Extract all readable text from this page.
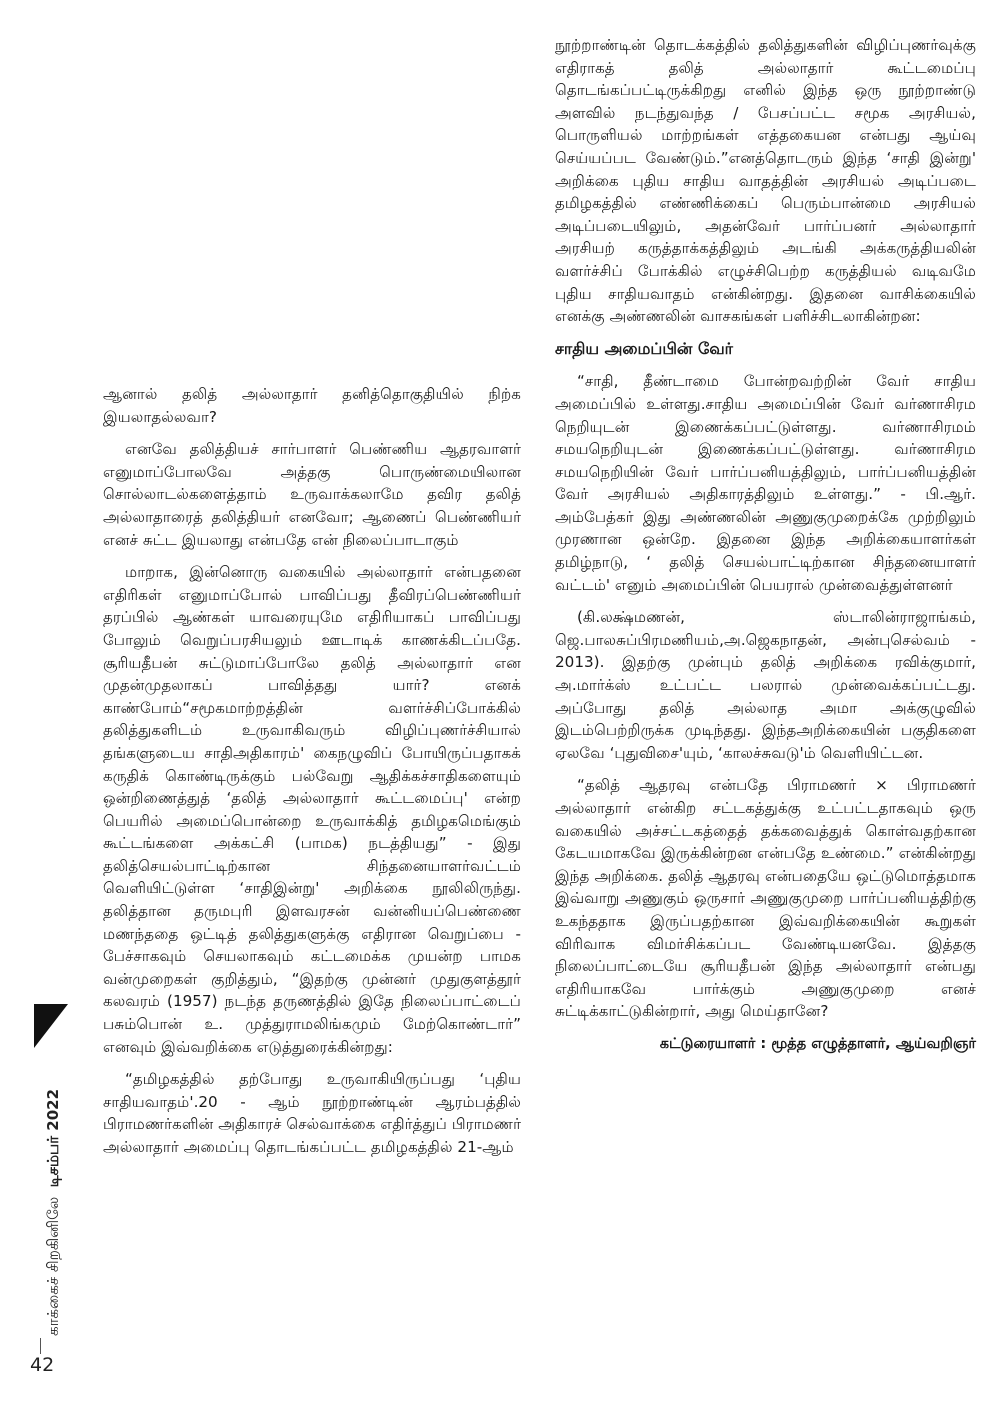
காக்கைச் சிறகினிலே  டிசம்பர் 2022
42

ஆனால் தலித் அல்லாதார் தனித்தொகுதியில் நிற்க இயலாதல்லவா?

எனவே தலித்தியச் சார்பாளர் பெண்ணிய ஆதரவாளர் எனுமாப்போலவே அத்தகு பொருண்மையிலான சொல்லாடல்களைத்தாம் உருவாக்கலாமே தவிர தலித் அல்லாதாரைத் தலித்தியர் எனவோ; ஆணைப் பெண்ணியர் எனச் சுட்ட இயலாது என்பதே என் நிலைப்பாடாகும்

மாறாக, இன்னொரு வகையில் அல்லாதார் என்பதனை எதிரிகள் எனுமாப்போல் பாவிப்பது தீவிரப்பெண்ணியர் தரப்பில் ஆண்கள் யாவரையுமே எதிரியாகப் பாவிப்பது போலும் வெறுப்பரசியலும் ஊடாடிக் காணக்கிடப்பதே. சூரியதீபன் சுட்டுமாப்போலே தலித் அல்லாதார் என முதன்முதலாகப் பாவித்தது யார்? எனக் காண்போம்“சமூகமாற்றத்தின் வளர்ச்சிப்போக்கில் தலித்துகளிடம் உருவாகிவரும் விழிப்புணர்ச்சியால் தங்களுடைய சாதிஅதிகாரம்' கைநழுவிப் போயிருப்பதாகக் கருதிக் கொண்டிருக்கும் பல்வேறு ஆதிக்கச்சாதிகளையும் ஒன்றிணைத்துத் ‘தலித் அல்லாதார் கூட்டமைப்பு' என்ற பெயரில் அமைப்பொன்றை உருவாக்கித் தமிழகமெங்கும் கூட்டங்களை அக்கட்சி (பாமக) நடத்தியது” - இது தலித்செயல்பாட்டிற்கான சிந்தனையாளர்வட்டம் வெளியிட்டுள்ள ‘சாதிஇன்று' அறிக்கை நூலிலிருந்து. தலித்தான தருமபுரி இளவரசன் வன்னியப்பெண்ணை மணந்ததை ஒட்டித் தலித்துகளுக்கு எதிரான வெறுப்பை - பேச்சாகவும் செயலாகவும் கட்டமைக்க முயன்ற பாமக வன்முறைகள் குறித்தும், “இதற்கு முன்னர் முதுகுளத்தூர் கலவரம் (1957) நடந்த தருணத்தில் இதே நிலைப்பாட்டைப் பசும்பொன் உ. முத்துராமலிங்கமும் மேற்கொண்டார்” எனவும் இவ்வறிக்கை எடுத்துரைக்கின்றது:

“தமிழகத்தில் தற்போது உருவாகியிருப்பது ‘புதிய சாதியவாதம்'.20 - ஆம் நூற்றாண்டின் ஆரம்பத்தில் பிராமணர்களின் அதிகாரச் செல்வாக்கை எதிர்த்துப் பிராமணர் அல்லாதார் அமைப்பு தொடங்கப்பட்ட தமிழகத்தில் 21-ஆம்

நூற்றாண்டின் தொடக்கத்தில் தலித்துகளின் விழிப்புணர்வுக்கு எதிராகத் தலித் அல்லாதார் கூட்டமைப்பு தொடங்கப்பட்டிருக்கிறது எனில் இந்த ஒரு நூற்றாண்டு அளவில் நடந்துவந்த / பேசப்பட்ட சமூக அரசியல், பொருளியல் மாற்றங்கள் எத்தகையன என்பது ஆய்வு செய்யப்பட வேண்டும்.”எனத்தொடரும் இந்த ‘சாதி இன்று' அறிக்கை புதிய சாதிய வாதத்தின் அரசியல் அடிப்படை தமிழகத்தில் எண்ணிக்கைப் பெரும்பான்மை அரசியல் அடிப்படையிலும், அதன்வேர் பார்ப்பனர் அல்லாதார் அரசியற் கருத்தாக்கத்திலும் அடங்கி அக்கருத்தியலின் வளர்ச்சிப் போக்கில் எழுச்சிபெற்ற கருத்தியல் வடிவமே புதிய சாதியவாதம் என்கின்றது. இதனை வாசிக்கையில் எனக்கு அண்ணலின் வாசகங்கள் பளிச்சிடலாகின்றன:

சாதிய அமைப்பின் வேர்

“சாதி, தீண்டாமை போன்றவற்றின் வேர் சாதிய அமைப்பில் உள்ளது.சாதிய அமைப்பின் வேர் வர்ணாசிரம நெறியுடன் இணைக்கப்பட்டுள்ளது. வர்ணாசிரமம் சமயநெறியுடன் இணைக்கப்பட்டுள்ளது. வர்ணாசிரம சமயநெறியின் வேர் பார்ப்பனியத்திலும், பார்ப்பனியத்தின் வேர் அரசியல் அதிகாரத்திலும் உள்ளது.” - பி.ஆர். அம்பேத்கர் இது அண்ணலின் அணுகுமுறைக்கே முற்றிலும் முரணான ஒன்றே. இதனை இந்த அறிக்கையாளர்கள் தமிழ்நாடு, ‘ தலித் செயல்பாட்டிற்கான சிந்தனையாளர் வட்டம்' எனும் அமைப்பின் பெயரால் முன்வைத்துள்ளனர்

(கி.லக்ஷ்மணன், ஸ்டாலின்ராஜாங்கம், ஜெ.பாலசுப்பிரமணியம்,அ.ஜெகநாதன், அன்புசெல்வம் - 2013). இதற்கு முன்பும் தலித் அறிக்கை ரவிக்குமார், அ.மார்க்ஸ் உட்பட்ட பலரால் முன்வைக்கப்பட்டது. அப்போது தலித் அல்லாத அமா அக்குழுவில் இடம்பெற்றிருக்க முடிந்தது. இந்தஅறிக்கையின் பகுதிகளை ஏலவே ‘புதுவிசை'யும், ‘காலச்சுவடு'ம் வெளியிட்டன.

“தலித் ஆதரவு என்பதே பிராமணர் × பிராமணர் அல்லாதார் என்கிற சட்டகத்துக்கு உட்பட்டதாகவும் ஒரு வகையில் அச்சட்டகத்தைத் தக்கவைத்துக் கொள்வதற்கான கேடயமாகவே இருக்கின்றன என்பதே உண்மை.” என்கின்றது இந்த அறிக்கை. தலித் ஆதரவு என்பதையே ஒட்டுமொத்தமாக இவ்வாறு அணுகும் ஒருசார் அணுகுமுறை பார்ப்பனியத்திற்கு உகந்ததாக இருப்பதற்கான இவ்வறிக்கையின் கூறுகள் விரிவாக விமர்சிக்கப்பட வேண்டியனவே. இத்தகு நிலைப்பாட்டையே சூரியதீபன் இந்த அல்லாதார் என்பது எதிரியாகவே பார்க்கும் அணுகுமுறை எனச் சுட்டிக்காட்டுகின்றார், அது மெய்தானே?

கட்டுரையாளர் : மூத்த எழுத்தாளர், ஆய்வறிஞர்
